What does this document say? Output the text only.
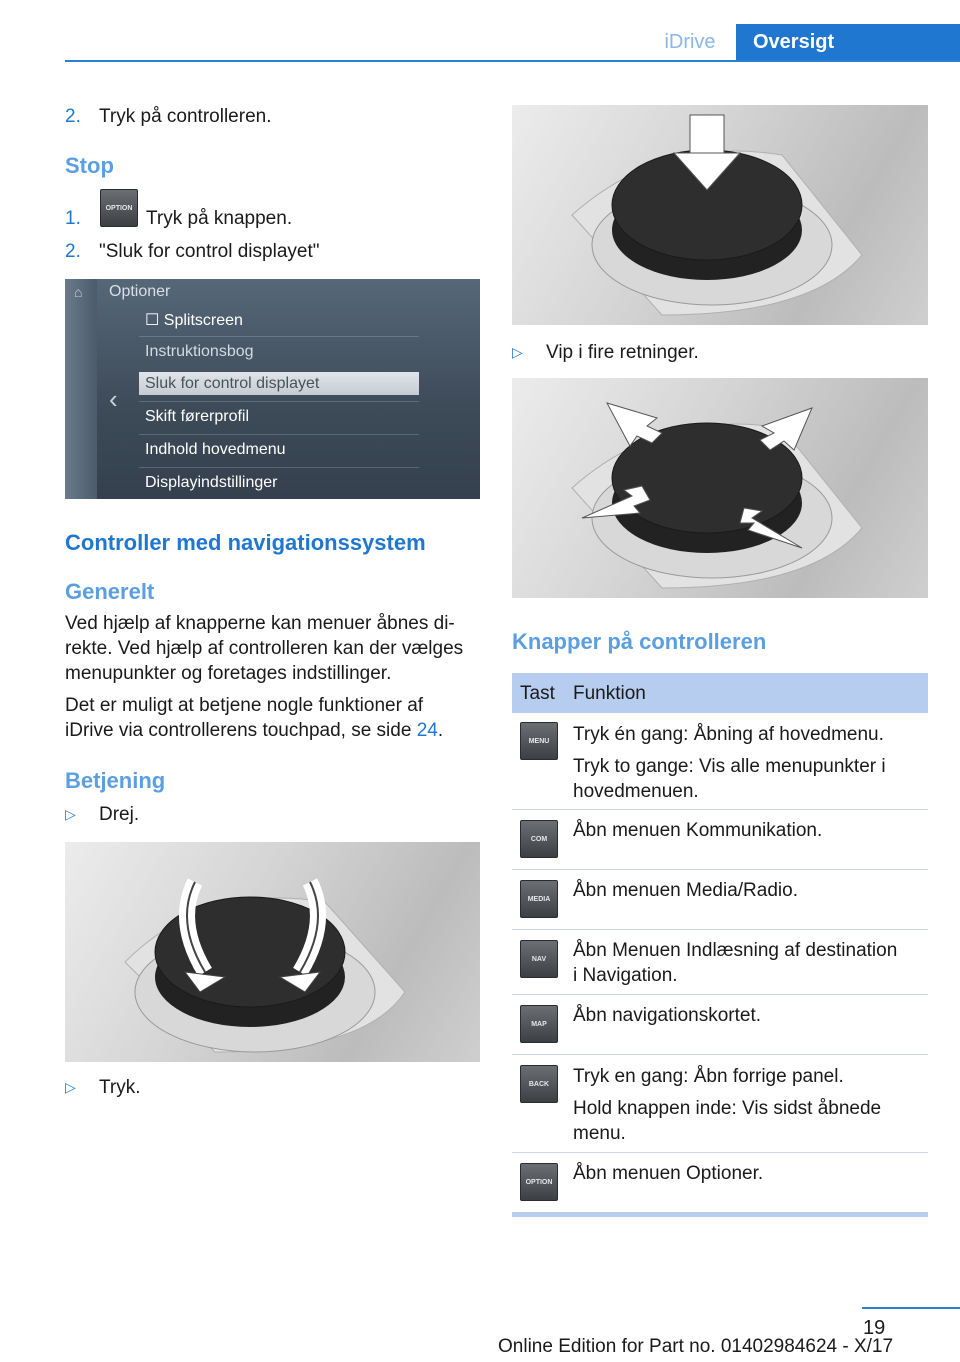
iDrive	Oversigt
2. Tryk på controlleren.
Stop
1.	OPTION Tryk på knappen.
2. "Sluk for control displayet"
⌂ Optioner
‹
☐ Splitscreen
Instruktionsbog
Sluk for control displayet
Skift førerprofil
Indhold hovedmenu
Displayindstillinger
Controller med navigationssystem
Generelt
Ved hjælp af knapperne kan menuer åbnes di-
rekte. Ved hjælp af controlleren kan der vælges
menupunkter og foretages indstillinger.
Det er muligt at betjene nogle funktioner af
iDrive via controllerens touchpad, se side 24.
Betjening
▷ Drej.
▷ Tryk.
▷ Vip i fire retninger.
Knapper på controlleren
Tast Funktion
MENU	Tryk én gang: Åbning af hovedmenu.
Tryk to gange: Vis alle menupunkter i
hovedmenuen.
COM	Åbn menuen Kommunikation.
MEDIA	Åbn menuen Media/Radio.
NAV	Åbn Menuen Indlæsning af destination
i Navigation.
MAP	Åbn navigationskortet.
BACK	Tryk en gang: Åbn forrige panel.
Hold knappen inde: Vis sidst åbnede
menu.
OPTION Åbn menuen Optioner.
19
Online Edition for Part no. 01402984624 - X/17
